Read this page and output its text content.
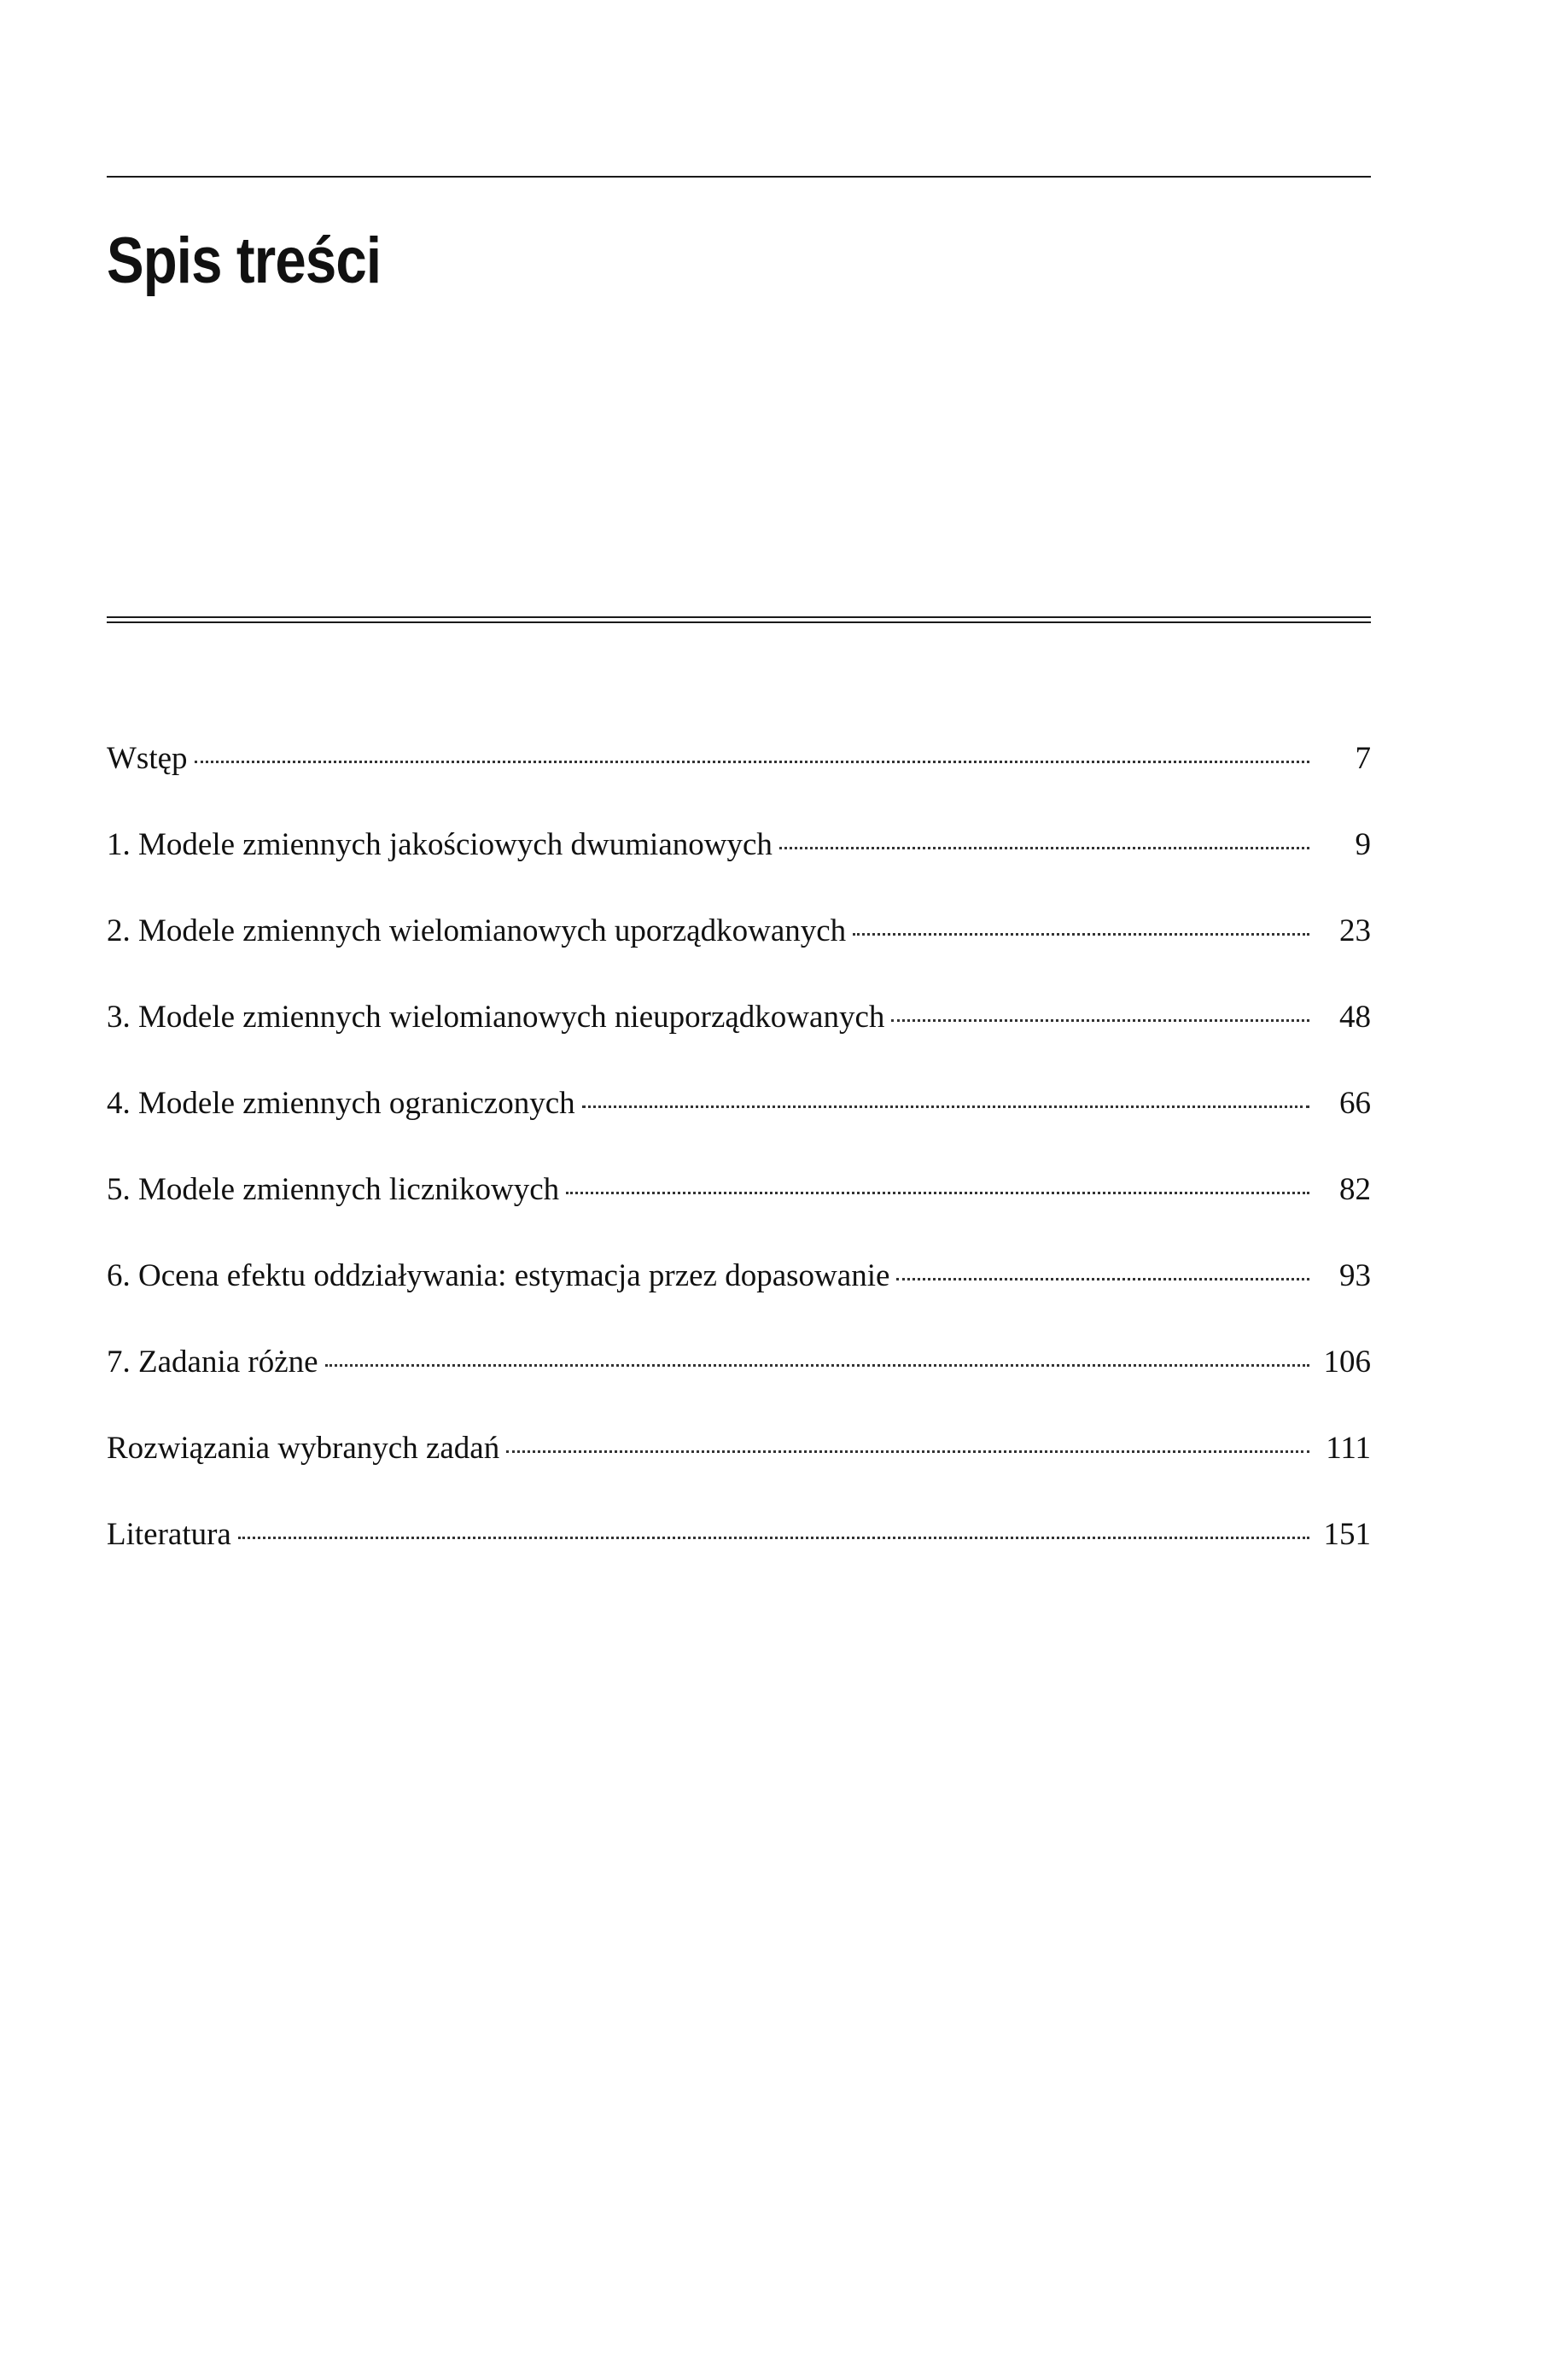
Spis treści
Wstęp	7
1. Modele zmiennych jakościowych dwumianowych	9
2. Modele zmiennych wielomianowych uporządkowanych	23
3. Modele zmiennych wielomianowych nieuporządkowanych	48
4. Modele zmiennych ograniczonych	66
5. Modele zmiennych licznikowych	82
6. Ocena efektu oddziaływania: estymacja przez dopasowanie	93
7. Zadania różne	106
Rozwiązania wybranych zadań	111
Literatura	151
